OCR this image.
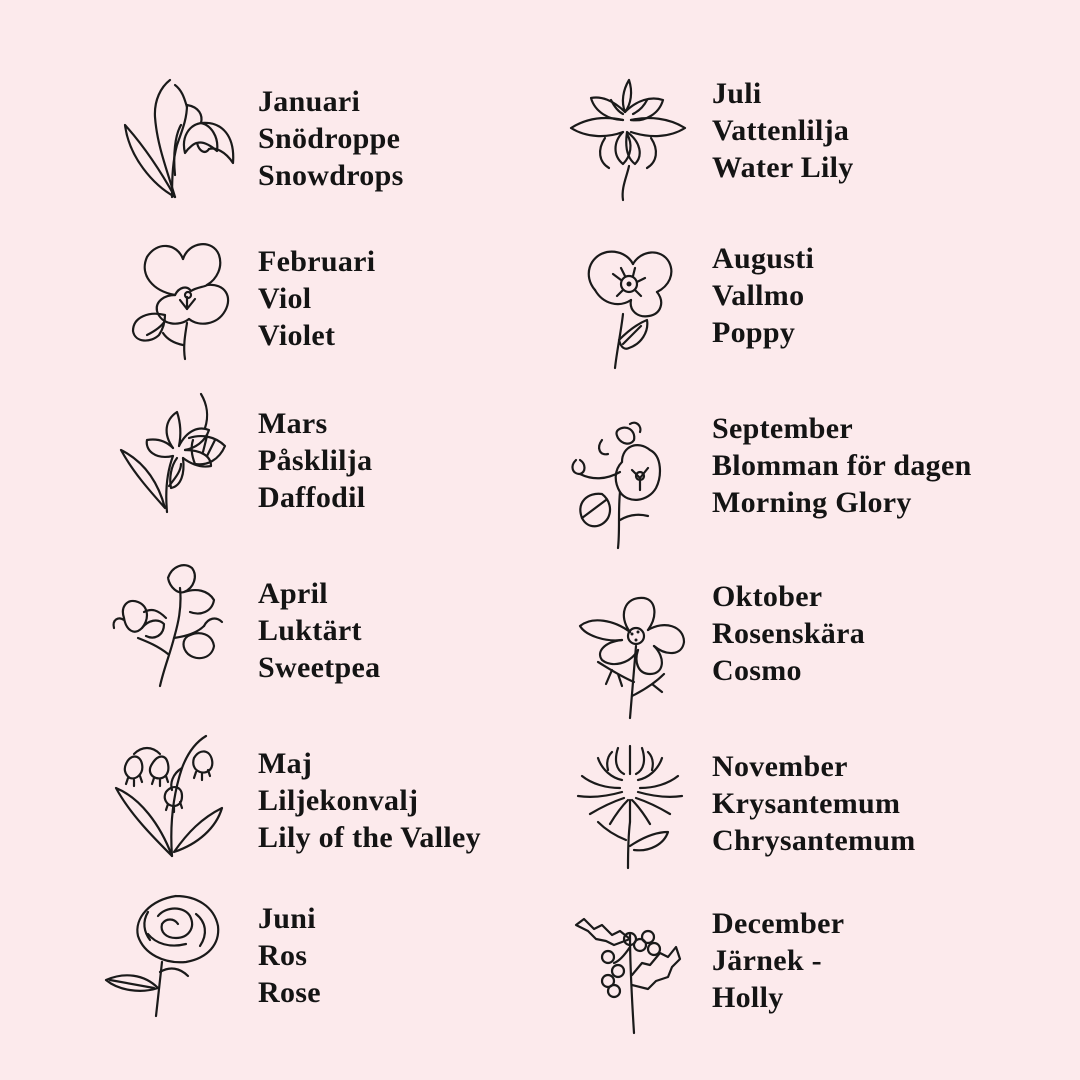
Januari
Snödroppe
Snowdrops
Februari
Viol
Violet
Mars
Påsklilja
Daffodil
April
Luktärt
Sweetpea
Maj
Liljekonvalj
Lily of the Valley
Juni
Ros
Rose
Juli
Vattenlilja
Water Lily
Augusti
Vallmo
Poppy
September
Blomman för dagen
Morning Glory
Oktober
Rosenskära
Cosmo
November
Krysantemum
Chrysantemum
December
Järnek -
Holly
